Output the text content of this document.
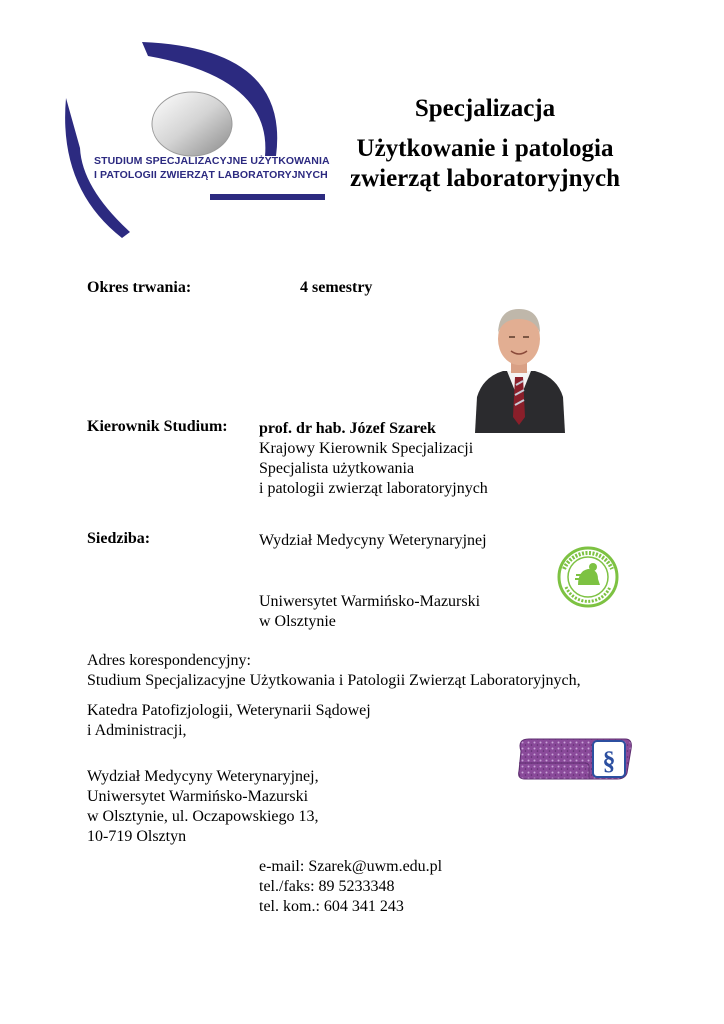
STUDIUM SPECJALIZACYJNE UŻYTKOWANIA
I PATOLOGII ZWIERZĄT LABORATORYJNYCH
Specjalizacja
Użytkowanie i patologia
zwierząt laboratoryjnych
Okres trwania:	4 semestry
Kierownik Studium: prof. dr hab. Józef Szarek
Krajowy Kierownik Specjalizacji
Specjalista użytkowania
i patologii zwierząt laboratoryjnych
Siedziba:	Wydział Medycyny Weterynaryjnej
Uniwersytet Warmińsko-Mazurski
w Olsztynie
Adres korespondencyjny:
Studium Specjalizacyjne Użytkowania i Patologii Zwierząt Laboratoryjnych,
Katedra Patofizjologii, Weterynarii Sądowej
i Administracji,
§
Wydział Medycyny Weterynaryjnej,
Uniwersytet Warmińsko-Mazurski
w Olsztynie, ul. Oczapowskiego 13,
10-719 Olsztyn
e-mail: Szarek@uwm.edu.pl
tel./faks: 89 5233348
tel. kom.: 604 341 243
